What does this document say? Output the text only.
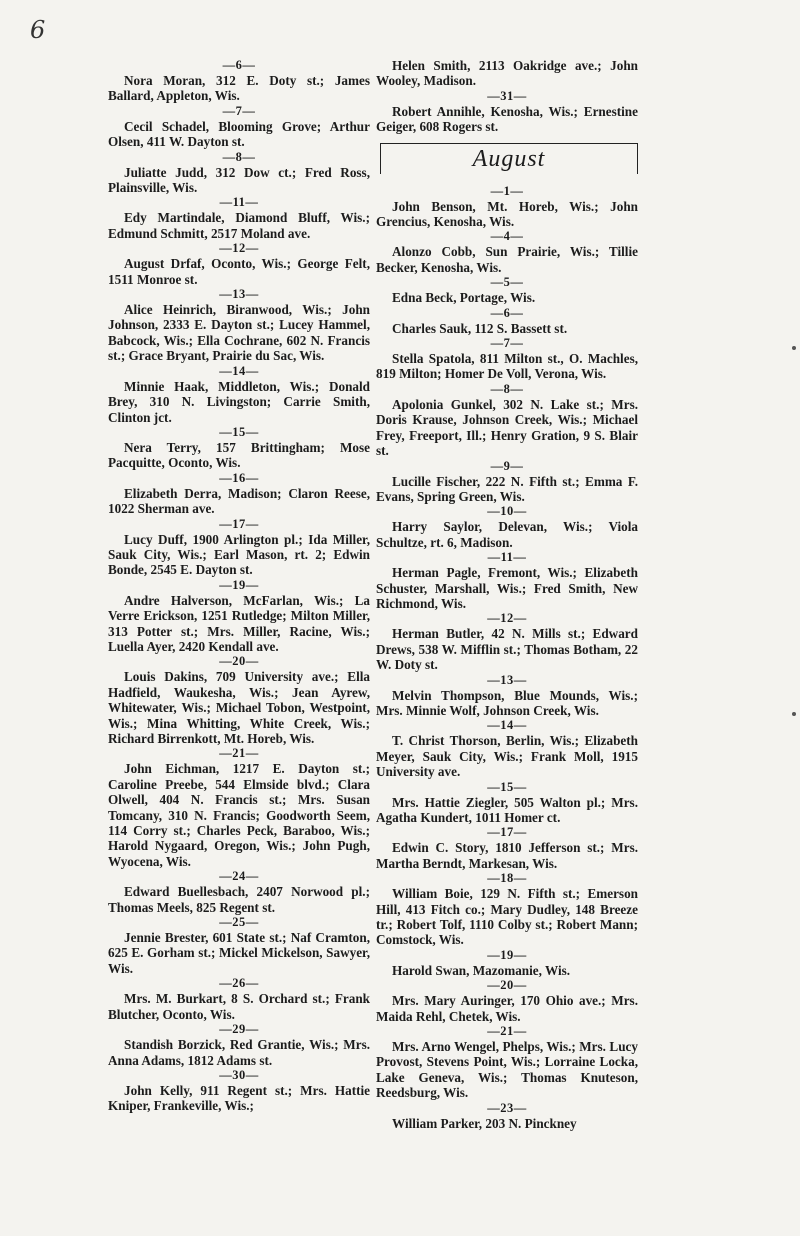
6
—6—
Nora Moran, 312 E. Doty st.; James Ballard, Appleton, Wis.
—7—
Cecil Schadel, Blooming Grove; Arthur Olsen, 411 W. Dayton st.
—8—
Juliatte Judd, 312 Dow ct.; Fred Ross, Plainsville, Wis.
—11—
Edy Martindale, Diamond Bluff, Wis.; Edmund Schmitt, 2517 Moland ave.
—12—
August Drfaf, Oconto, Wis.; George Felt, 1511 Monroe st.
—13—
Alice Heinrich, Biranwood, Wis.; John Johnson, 2333 E. Dayton st.; Lucey Hammel, Babcock, Wis.; Ella Cochrane, 602 N. Francis st.; Grace Bryant, Prairie du Sac, Wis.
—14—
Minnie Haak, Middleton, Wis.; Donald Brey, 310 N. Livingston; Carrie Smith, Clinton jct.
—15—
Nera Terry, 157 Brittingham; Mose Pacquitte, Oconto, Wis.
—16—
Elizabeth Derra, Madison; Claron Reese, 1022 Sherman ave.
—17—
Lucy Duff, 1900 Arlington pl.; Ida Miller, Sauk City, Wis.; Earl Mason, rt. 2; Edwin Bonde, 2545 E. Dayton st.
—19—
Andre Halverson, McFarlan, Wis.; La Verre Erickson, 1251 Rutledge; Milton Miller, 313 Potter st.; Mrs. Miller, Racine, Wis.; Luella Ayer, 2420 Kendall ave.
—20—
Louis Dakins, 709 University ave.; Ella Hadfield, Waukesha, Wis.; Jean Ayrew, Whitewater, Wis.; Michael Tobon, Westpoint, Wis.; Mina Whitting, White Creek, Wis.; Richard Birrenkott, Mt. Horeb, Wis.
—21—
John Eichman, 1217 E. Dayton st.; Caroline Preebe, 544 Elmside blvd.; Clara Olwell, 404 N. Francis st.; Mrs. Susan Tomcany, 310 N. Francis; Goodworth Seem, 114 Corry st.; Charles Peck, Baraboo, Wis.; Harold Nygaard, Oregon, Wis.; John Pugh, Wyocena, Wis.
—24—
Edward Buellesbach, 2407 Norwood pl.; Thomas Meels, 825 Regent st.
—25—
Jennie Brester, 601 State st.; Naf Cramton, 625 E. Gorham st.; Mickel Mickelson, Sawyer, Wis.
—26—
Mrs. M. Burkart, 8 S. Orchard st.; Frank Blutcher, Oconto, Wis.
—29—
Standish Borzick, Red Grantie, Wis.; Mrs. Anna Adams, 1812 Adams st.
—30—
John Kelly, 911 Regent st.; Mrs. Hattie Kniper, Frankeville, Wis.;
Helen Smith, 2113 Oakridge ave.; John Wooley, Madison.
—31—
Robert Annihle, Kenosha, Wis.; Ernestine Geiger, 608 Rogers st.
August
—1—
John Benson, Mt. Horeb, Wis.; John Grencius, Kenosha, Wis.
—4—
Alonzo Cobb, Sun Prairie, Wis.; Tillie Becker, Kenosha, Wis.
—5—
Edna Beck, Portage, Wis.
—6—
Charles Sauk, 112 S. Bassett st.
—7—
Stella Spatola, 811 Milton st., O. Machles, 819 Milton; Homer De Voll, Verona, Wis.
—8—
Apolonia Gunkel, 302 N. Lake st.; Mrs. Doris Krause, Johnson Creek, Wis.; Michael Frey, Freeport, Ill.; Henry Gration, 9 S. Blair st.
—9—
Lucille Fischer, 222 N. Fifth st.; Emma F. Evans, Spring Green, Wis.
—10—
Harry Saylor, Delevan, Wis.; Viola Schultze, rt. 6, Madison.
—11—
Herman Pagle, Fremont, Wis.; Elizabeth Schuster, Marshall, Wis.; Fred Smith, New Richmond, Wis.
—12—
Herman Butler, 42 N. Mills st.; Edward Drews, 538 W. Mifflin st.; Thomas Botham, 22 W. Doty st.
—13—
Melvin Thompson, Blue Mounds, Wis.; Mrs. Minnie Wolf, Johnson Creek, Wis.
—14—
T. Christ Thorson, Berlin, Wis.; Elizabeth Meyer, Sauk City, Wis.; Frank Moll, 1915 University ave.
—15—
Mrs. Hattie Ziegler, 505 Walton pl.; Mrs. Agatha Kundert, 1011 Homer ct.
—17—
Edwin C. Story, 1810 Jefferson st.; Mrs. Martha Berndt, Markesan, Wis.
—18—
William Boie, 129 N. Fifth st.; Emerson Hill, 413 Fitch co.; Mary Dudley, 148 Breeze tr.; Robert Tolf, 1110 Colby st.; Robert Mann; Comstock, Wis.
—19—
Harold Swan, Mazomanie, Wis.
—20—
Mrs. Mary Auringer, 170 Ohio ave.; Mrs. Maida Rehl, Chetek, Wis.
—21—
Mrs. Arno Wengel, Phelps, Wis.; Mrs. Lucy Provost, Stevens Point, Wis.; Lorraine Locka, Lake Geneva, Wis.; Thomas Knuteson, Reedsburg, Wis.
—23—
William Parker, 203 N. Pinckney
